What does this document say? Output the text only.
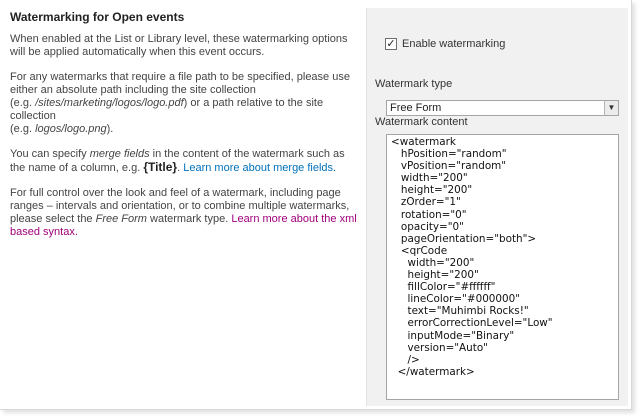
Watermarking for Open events

When enabled at the List or Library level, these watermarking options will be applied automatically when this event occurs.

For any watermarks that require a file path to be specified, please use either an absolute path including the site collection
(e.g. /sites/marketing/logos/logo.pdf) or a path relative to the site collection
(e.g. logos/logo.png).

You can specify merge fields in the content of the watermark such as the name of a column, e.g. {Title}. Learn more about merge fields.

For full control over the look and feel of a watermark, including page ranges – intervals and orientation, or to combine multiple watermarks, please select the Free Form watermark type. Learn more about the xml based syntax.

✓ Enable watermarking
Watermark type
Free Form	▼
Watermark content
<watermark
hPosition="random"
vPosition="random"
width="200"
height="200"
zOrder="1"
rotation="0"
opacity="0"
pageOrientation="both">
<qrCode
width="200"
height="200"
fillColor="#ffffff"
lineColor="#000000"
text="Muhimbi Rocks!"
errorCorrectionLevel="Low"
inputMode="Binary"
version="Auto"
/>
</watermark>
